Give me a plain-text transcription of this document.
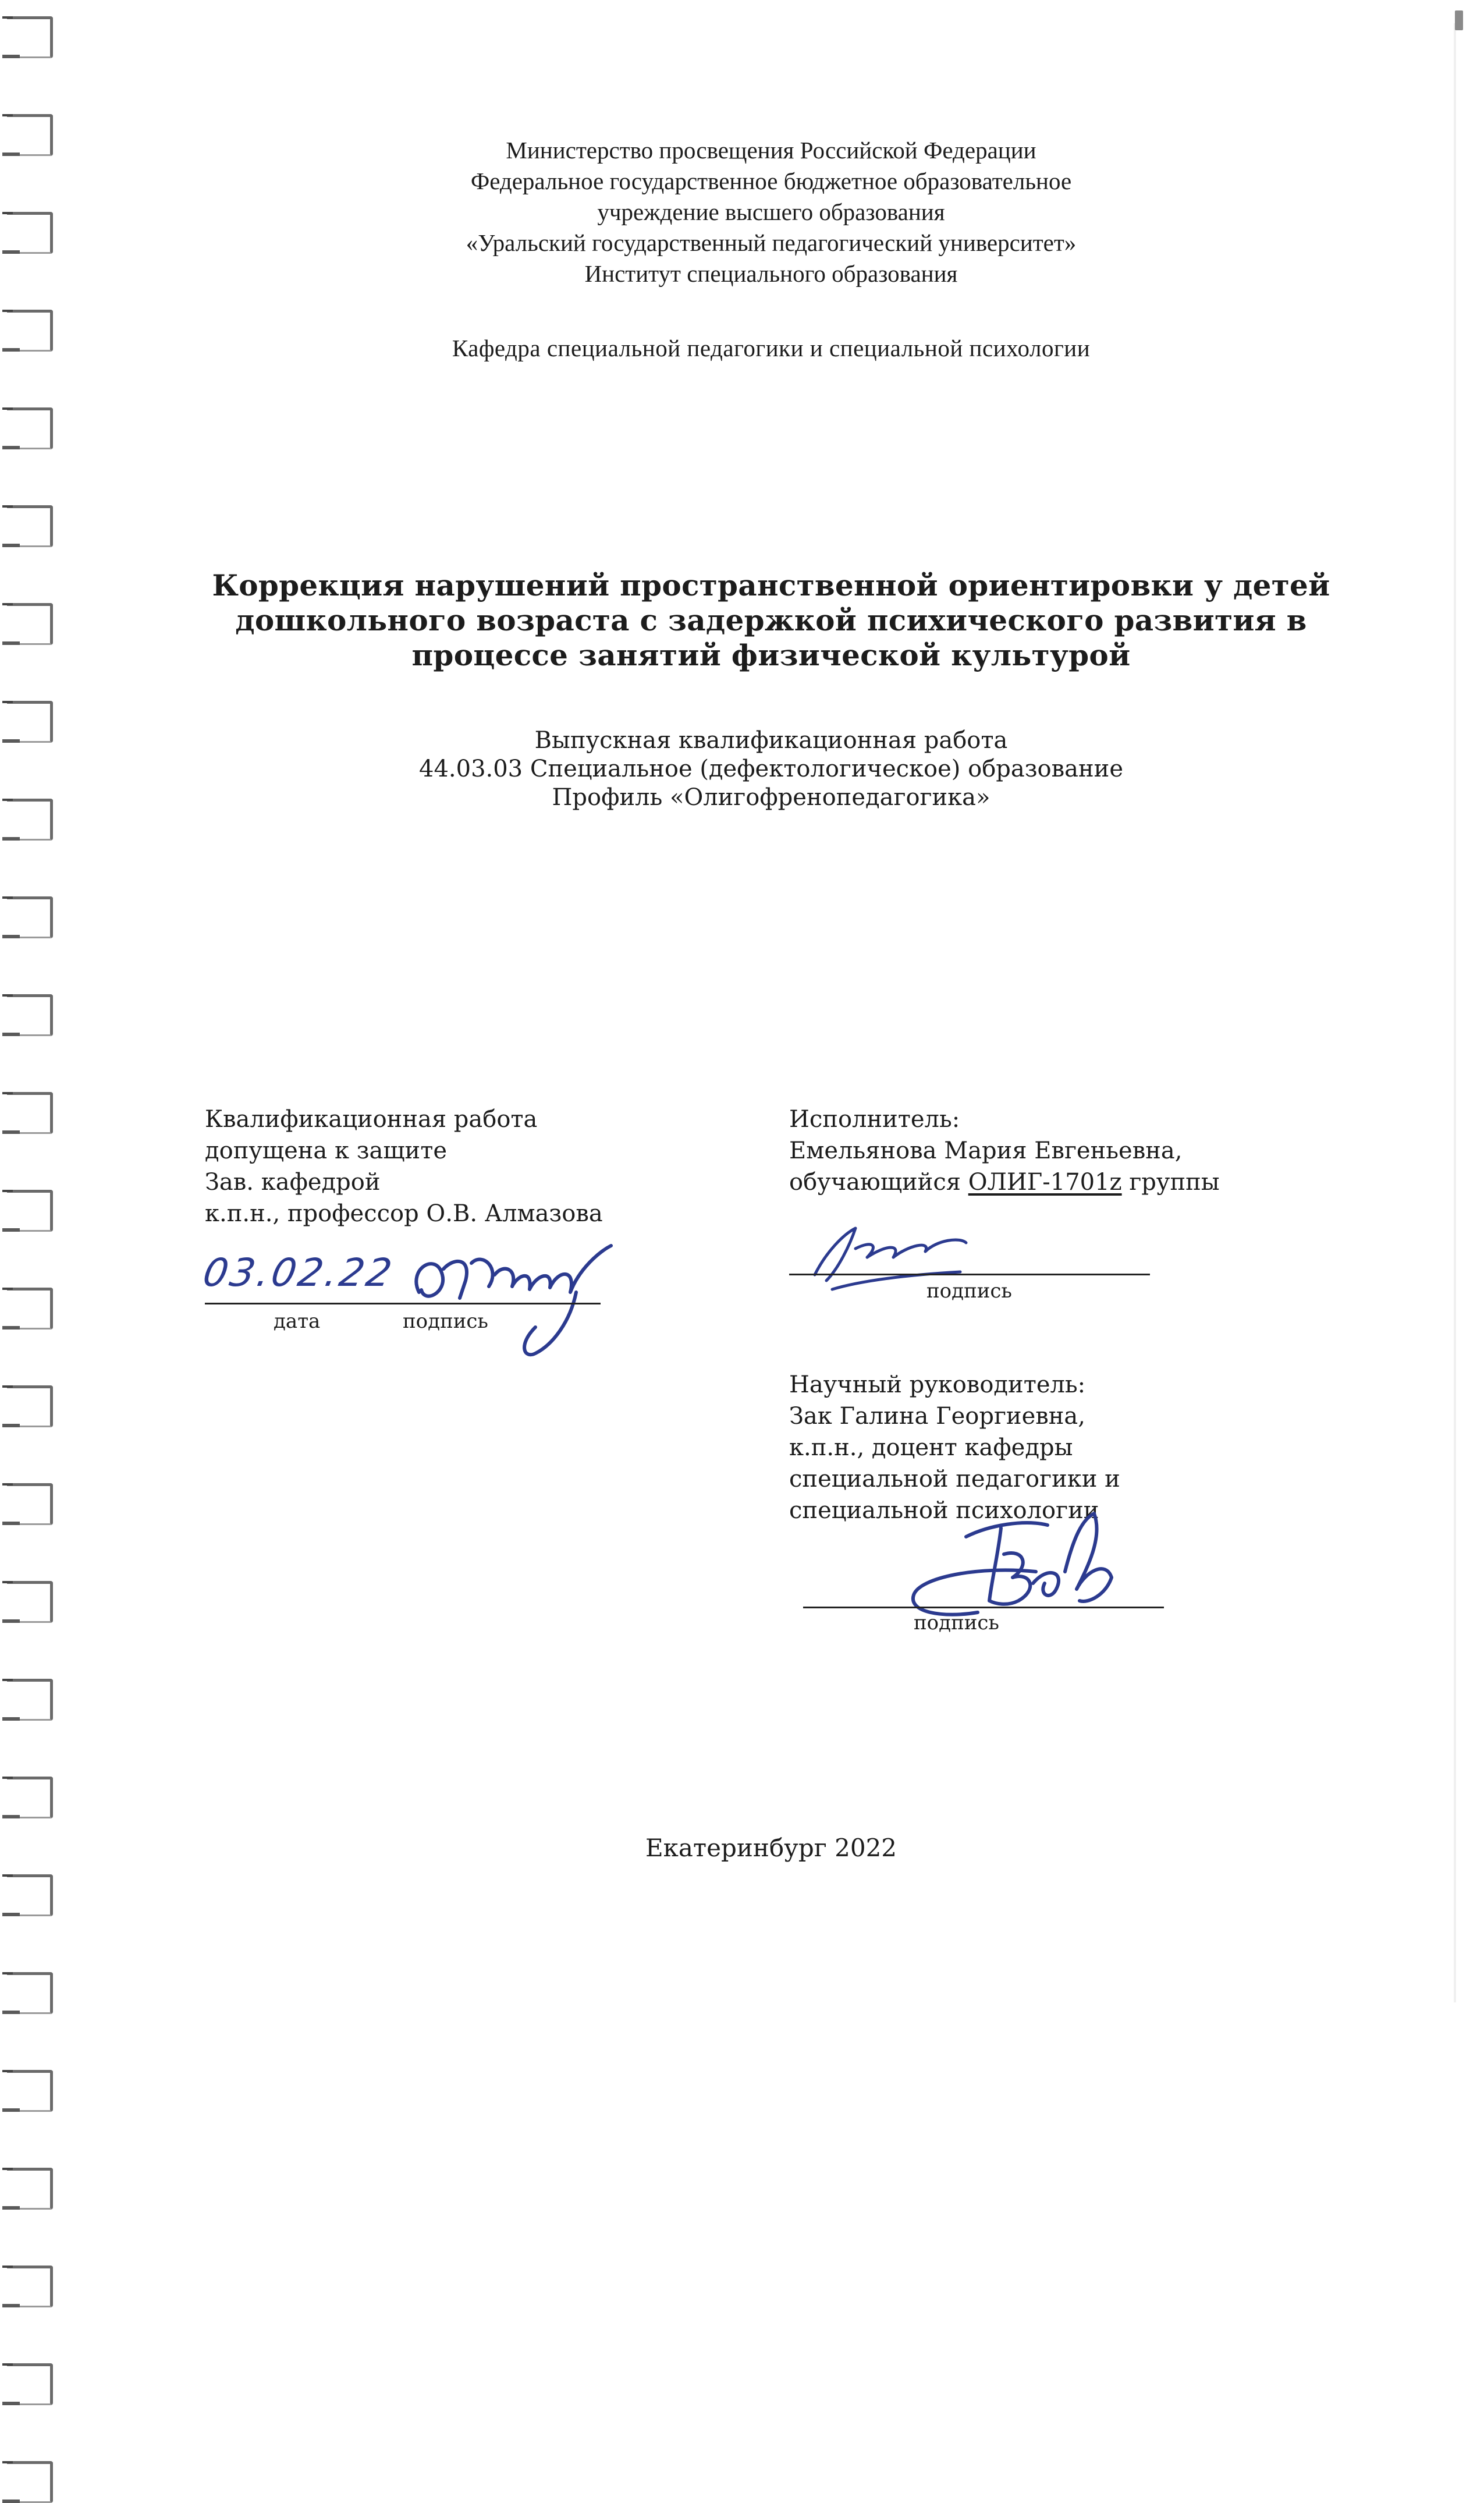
Министерство просвещения Российской Федерации
Федеральное государственное бюджетное образовательное
учреждение высшего образования
«Уральский государственный педагогический университет»
Институт специального образования
Кафедра специальной педагогики и специальной психологии
Коррекция нарушений пространственной ориентировки у детей
дошкольного возраста с задержкой психического развития в
процессе занятий физической культурой
Выпускная квалификационная работа
44.03.03 Специальное (дефектологическое) образование
Профиль «Олигофренопедагогика»
Квалификационная работа
допущена к защите
Зав. кафедрой
к.п.н., профессор О.В. Алмазова
03.02.22
дата	подпись
Исполнитель:
Емельянова Мария Евгеньевна,
обучающийся ОЛИГ-1701z группы
подпись
Научный руководитель:
Зак Галина Георгиевна,
к.п.н., доцент кафедры
специальной педагогики и
специальной психологии
подпись
Екатеринбург 2022
